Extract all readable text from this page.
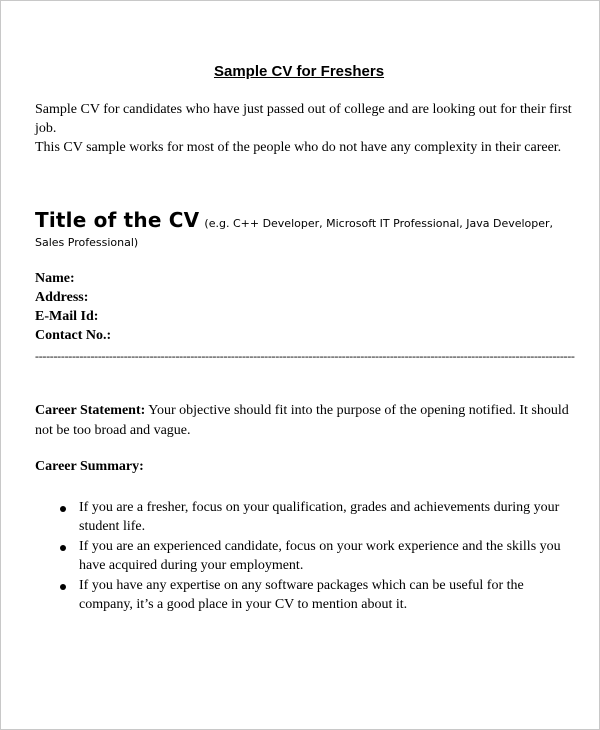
Sample CV for Freshers

Sample CV for candidates who have just passed out of college and are looking out for their first job.

This CV sample works for most of the people who do not have any complexity in their career.

Title of the CV (e.g. C++ Developer, Microsoft IT Professional, Java Developer, Sales Professional)
Name:
Address:
E-Mail Id:
Contact No.:
--------------------------------------------------------------------------------------------------------------------------------------------------
Career Statement: Your objective should fit into the purpose of the opening notified. It should not be too broad and vague.
Career Summary:
If you are a fresher, focus on your qualification, grades and achievements during your student life.
If you are an experienced candidate, focus on your work experience and the skills you have acquired during your employment.
If you have any expertise on any software packages which can be useful for the company, it’s a good place in your CV to mention about it.
